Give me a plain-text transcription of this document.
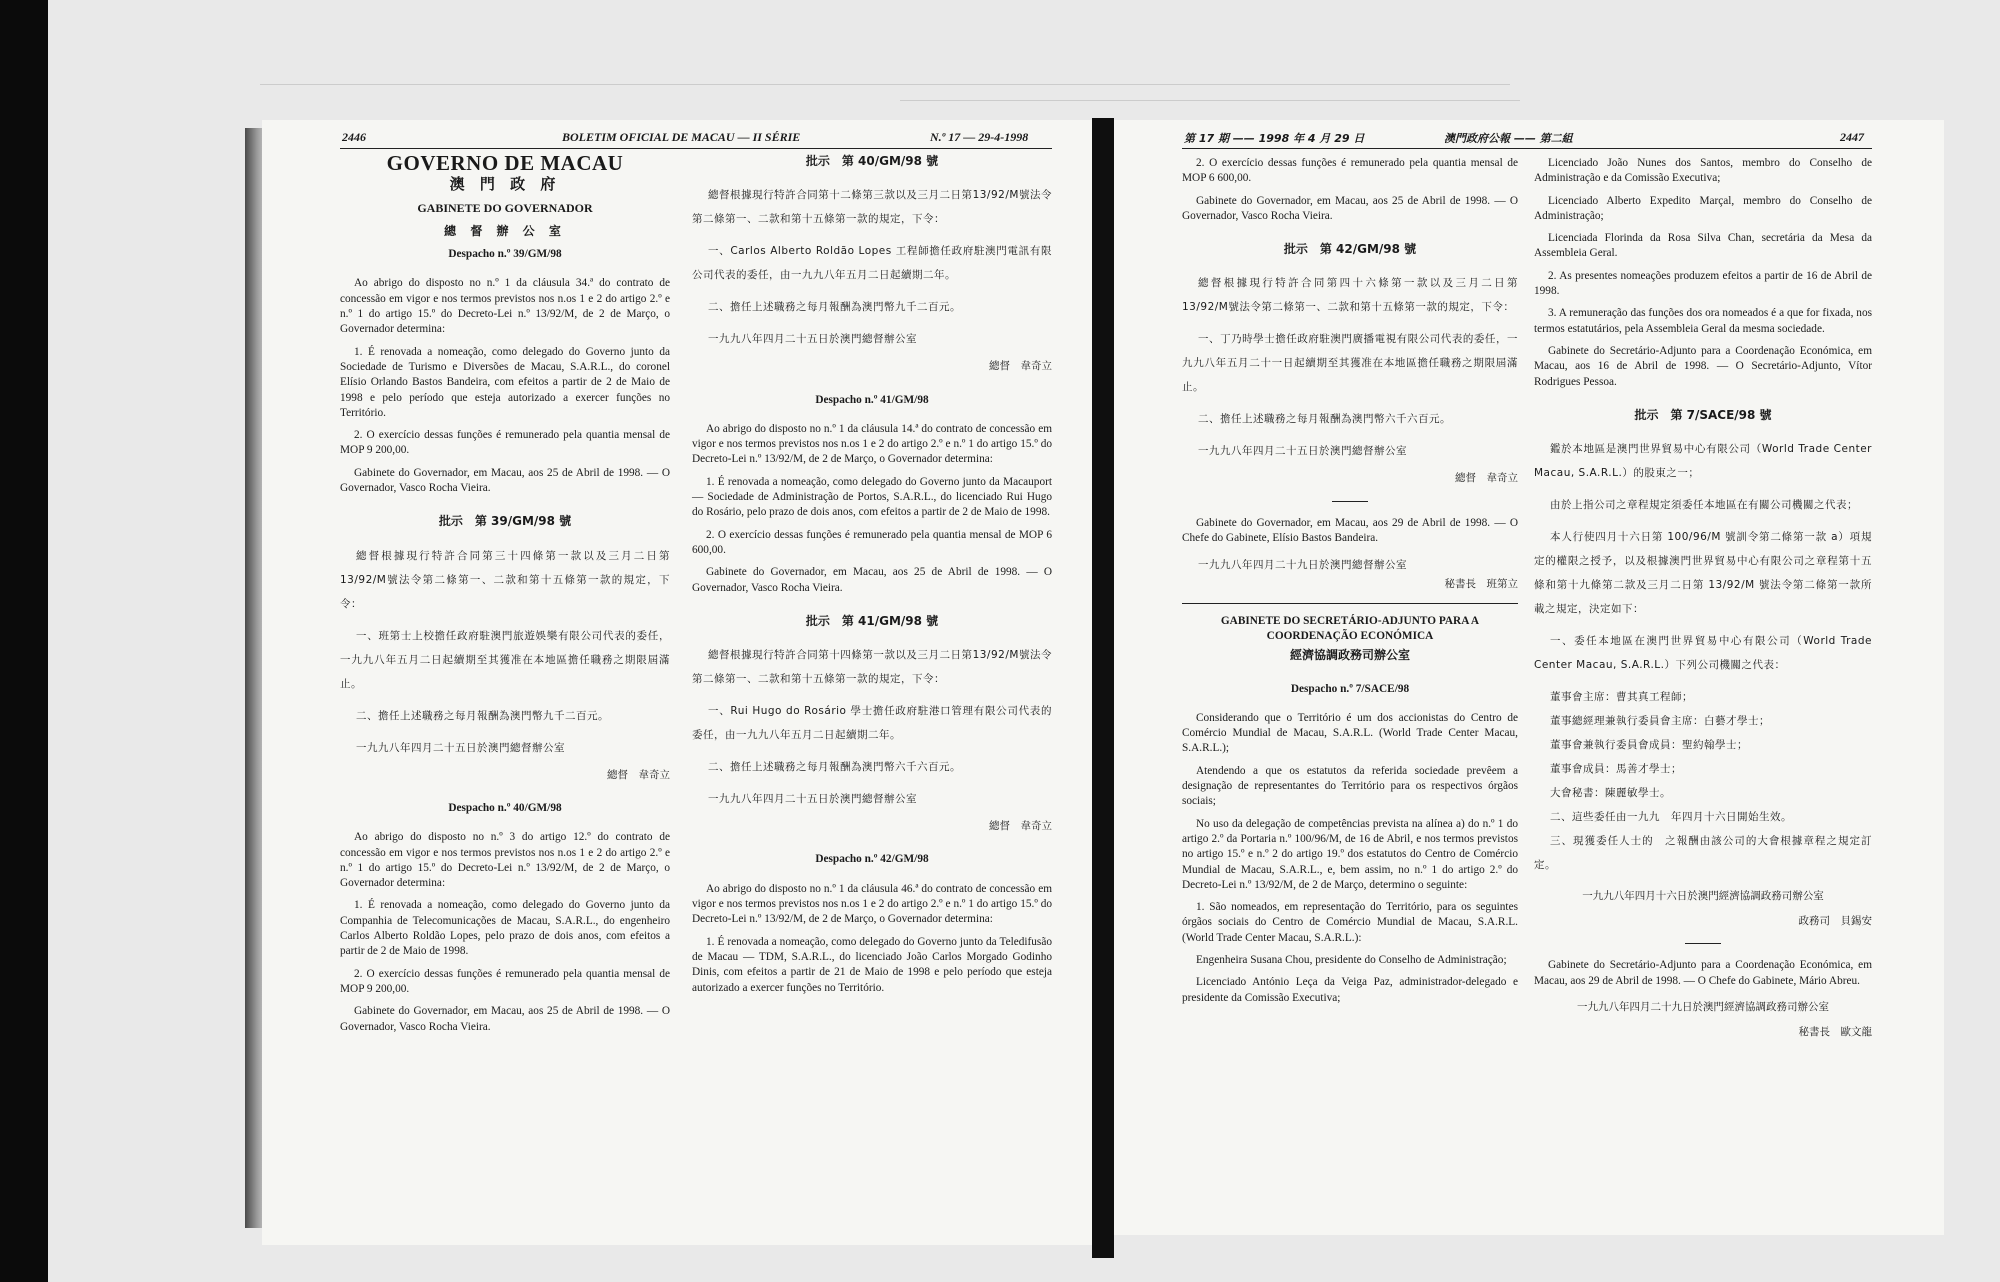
2446	BOLETIM OFICIAL DE MACAU — II SÉRIE	N.º 17 — 29-4-1998

GOVERNO DE MACAU

澳 門 政 府

GABINETE DO GOVERNADOR

總 督 辦 公 室

Despacho n.º 39/GM/98

Ao abrigo do disposto no n.º 1 da cláusula 34.ª do contrato de concessão em vigor e nos termos previstos nos n.os 1 e 2 do artigo 2.º e n.º 1 do artigo 15.º do Decreto-Lei n.º 13/92/M, de 2 de Março, o Governador determina:

1. É renovada a nomeação, como delegado do Governo junto da Sociedade de Turismo e Diversões de Macau, S.A.R.L., do coronel Elísio Orlando Bastos Bandeira, com efeitos a partir de 2 de Maio de 1998 e pelo período que esteja autorizado a exercer funções no Território.

2. O exercício dessas funções é remunerado pela quantia mensal de MOP 9 200,00.

Gabinete do Governador, em Macau, aos 25 de Abril de 1998. — O Governador, Vasco Rocha Vieira.

批示　第 39/GM/98 號

總督根據現行特許合同第三十四條第一款以及三月二日第13/92/M號法令第二條第一、二款和第十五條第一款的規定，下令：

一、班第士上校擔任政府駐澳門旅遊娛樂有限公司代表的委任，一九九八年五月二日起續期至其獲准在本地區擔任職務之期限屆滿止。

二、擔任上述職務之每月報酬為澳門幣九千二百元。

一九九八年四月二十五日於澳門總督辦公室

總督　韋奇立

Despacho n.º 40/GM/98

Ao abrigo do disposto no n.º 3 do artigo 12.º do contrato de concessão em vigor e nos termos previstos nos n.os 1 e 2 do artigo 2.º e n.º 1 do artigo 15.º do Decreto-Lei n.º 13/92/M, de 2 de Março, o Governador determina:

1. É renovada a nomeação, como delegado do Governo junto da Companhia de Telecomunicações de Macau, S.A.R.L., do engenheiro Carlos Alberto Roldão Lopes, pelo prazo de dois anos, com efeitos a partir de 2 de Maio de 1998.

2. O exercício dessas funções é remunerado pela quantia mensal de MOP 9 200,00.

Gabinete do Governador, em Macau, aos 25 de Abril de 1998. — O Governador, Vasco Rocha Vieira.

批示　第 40/GM/98 號

總督根據現行特許合同第十二條第三款以及三月二日第13/92/M號法令第二條第一、二款和第十五條第一款的規定，下令：

一、Carlos Alberto Roldão Lopes 工程師擔任政府駐澳門電訊有限公司代表的委任，由一九九八年五月二日起續期二年。

二、擔任上述職務之每月報酬為澳門幣九千二百元。

一九九八年四月二十五日於澳門總督辦公室

總督　韋奇立

Despacho n.º 41/GM/98

Ao abrigo do disposto no n.º 1 da cláusula 14.ª do contrato de concessão em vigor e nos termos previstos nos n.os 1 e 2 do artigo 2.º e n.º 1 do artigo 15.º do Decreto-Lei n.º 13/92/M, de 2 de Março, o Governador determina:

1. É renovada a nomeação, como delegado do Governo junto da Macauport — Sociedade de Administração de Portos, S.A.R.L., do licenciado Rui Hugo do Rosário, pelo prazo de dois anos, com efeitos a partir de 2 de Maio de 1998.

2. O exercício dessas funções é remunerado pela quantia mensal de MOP 6 600,00.

Gabinete do Governador, em Macau, aos 25 de Abril de 1998. — O Governador, Vasco Rocha Vieira.

批示　第 41/GM/98 號

總督根據現行特許合同第十四條第一款以及三月二日第13/92/M號法令第二條第一、二款和第十五條第一款的規定，下令：

一、Rui Hugo do Rosário 學士擔任政府駐港口管理有限公司代表的委任，由一九九八年五月二日起續期二年。

二、擔任上述職務之每月報酬為澳門幣六千六百元。

一九九八年四月二十五日於澳門總督辦公室

總督　韋奇立

Despacho n.º 42/GM/98

Ao abrigo do disposto no n.º 1 da cláusula 46.ª do contrato de concessão em vigor e nos termos previstos nos n.os 1 e 2 do artigo 2.º e n.º 1 do artigo 15.º do Decreto-Lei n.º 13/92/M, de 2 de Março, o Governador determina:

1. É renovada a nomeação, como delegado do Governo junto da Teledifusão de Macau — TDM, S.A.R.L., do licenciado João Carlos Morgado Godinho Dinis, com efeitos a partir de 21 de Maio de 1998 e pelo período que esteja autorizado a exercer funções no Território.

第 17 期 —— 1998 年 4 月 29 日	澳門政府公報 —— 第二組	2447

2. O exercício dessas funções é remunerado pela quantia mensal de MOP 6 600,00.

Gabinete do Governador, em Macau, aos 25 de Abril de 1998. — O Governador, Vasco Rocha Vieira.

批示　第 42/GM/98 號

總督根據現行特許合同第四十六條第一款以及三月二日第13/92/M號法令第二條第一、二款和第十五條第一款的規定，下令：

一、丁乃時學士擔任政府駐澳門廣播電視有限公司代表的委任，一九九八年五月二十一日起續期至其獲准在本地區擔任職務之期限屆滿止。

二、擔任上述職務之每月報酬為澳門幣六千六百元。

一九九八年四月二十五日於澳門總督辦公室

總督　韋奇立

Gabinete do Governador, em Macau, aos 29 de Abril de 1998. — O Chefe do Gabinete, Elísio Bastos Bandeira.

一九九八年四月二十九日於澳門總督辦公室

秘書長　班第立

GABINETE DO SECRETÁRIO-ADJUNTO PARA A COORDENAÇÃO ECONÓMICA

經濟協調政務司辦公室

Despacho n.º 7/SACE/98

Considerando que o Território é um dos accionistas do Centro de Comércio Mundial de Macau, S.A.R.L. (World Trade Center Macau, S.A.R.L.);

Atendendo a que os estatutos da referida sociedade prevêem a designação de representantes do Território para os respectivos órgãos sociais;

No uso da delegação de competências prevista na alínea a) do n.º 1 do artigo 2.º da Portaria n.º 100/96/M, de 16 de Abril, e nos termos previstos no artigo 15.º e n.º 2 do artigo 19.º dos estatutos do Centro de Comércio Mundial de Macau, S.A.R.L., e, bem assim, no n.º 1 do artigo 2.º do Decreto-Lei n.º 13/92/M, de 2 de Março, determino o seguinte:

1. São nomeados, em representação do Território, para os seguintes órgãos sociais do Centro de Comércio Mundial de Macau, S.A.R.L. (World Trade Center Macau, S.A.R.L.):

Engenheira Susana Chou, presidente do Conselho de Administração;

Licenciado António Leça da Veiga Paz, administrador-delegado e presidente da Comissão Executiva;

Licenciado João Nunes dos Santos, membro do Conselho de Administração e da Comissão Executiva;

Licenciado Alberto Expedito Marçal, membro do Conselho de Administração;

Licenciada Florinda da Rosa Silva Chan, secretária da Mesa da Assembleia Geral.

2. As presentes nomeações produzem efeitos a partir de 16 de Abril de 1998.

3. A remuneração das funções dos ora nomeados é a que for fixada, nos termos estatutários, pela Assembleia Geral da mesma sociedade.

Gabinete do Secretário-Adjunto para a Coordenação Económica, em Macau, aos 16 de Abril de 1998. — O Secretário-Adjunto, Vítor Rodrigues Pessoa.

批示　第 7/SACE/98 號

鑑於本地區是澳門世界貿易中心有限公司（World Trade Center Macau, S.A.R.L.）的股東之一；

由於上指公司之章程規定須委任本地區在有關公司機關之代表；

本人行使四月十六日第 100/96/M 號訓令第二條第一款 a）項規定的權限之授予，以及根據澳門世界貿易中心有限公司之章程第十五條和第十九條第二款及三月二日第 13/92/M 號法令第二條第一款所載之規定，決定如下：

一、委任本地區在澳門世界貿易中心有限公司（World Trade Center Macau, S.A.R.L.）下列公司機關之代表：

董事會主席：曹其真工程師；

董事總經理兼執行委員會主席：白藝才學士；

董事會兼執行委員會成員：聖約翰學士；

董事會成員：馬善才學士；

大會秘書：陳麗敏學士。

二、這些委任由一九九　年四月十六日開始生效。

三、現獲委任人士的　之報酬由該公司的大會根據章程之規定訂定。

一九九八年四月十六日於澳門經濟協調政務司辦公室

政務司　貝錫安

Gabinete do Secretário-Adjunto para a Coordenação Económica, em Macau, aos 29 de Abril de 1998. — O Chefe do Gabinete, Mário Abreu.

一九九八年四月二十九日於澳門經濟協調政務司辦公室

秘書長　歐文龍
